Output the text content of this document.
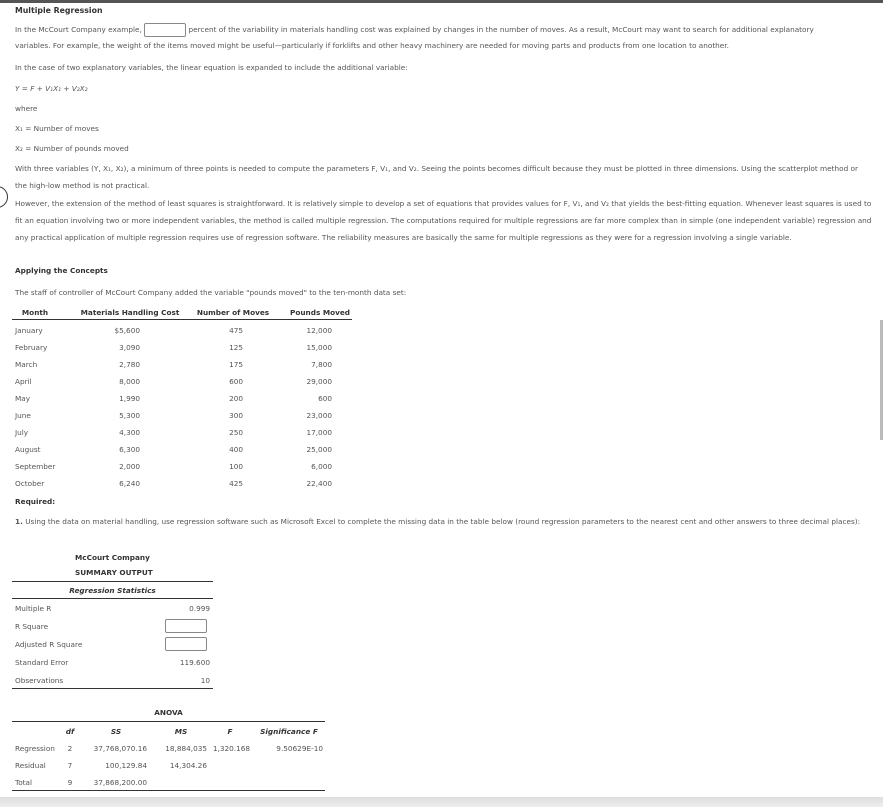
Multiple Regression
In the McCourt Company example,	percent of the variability in materials handling cost was explained by changes in the number of moves. As a result, McCourt may want to search for additional explanatory
variables. For example, the weight of the items moved might be useful—particularly if forklifts and other heavy machinery are needed for moving parts and products from one location to another.
In the case of two explanatory variables, the linear equation is expanded to include the additional variable:
Y = F + V₁X₁ + V₂X₂
where
X₁ = Number of moves
X₂ = Number of pounds moved

With three variables (Y, X₁, X₂), a minimum of three points is needed to compute the parameters F, V₁, and V₂. Seeing the points becomes difficult because they must be plotted in three dimensions. Using the scatterplot method or the high-low method is not practical.

However, the extension of the method of least squares is straightforward. It is relatively simple to develop a set of equations that provides values for F, V₁, and V₂ that yields the best-fitting equation. Whenever least squares is used to fit an equation involving two or more independent variables, the method is called multiple regression. The computations required for multiple regressions are far more complex than in simple (one independent variable) regression and any practical application of multiple regression requires use of regression software. The reliability measures are basically the same for multiple regressions as they were for a regression involving a single variable.

Applying the Concepts
The staff of controller of McCourt Company added the variable "pounds moved" to the ten-month data set:
Month	Materials Handling Cost	Number of Moves	Pounds Moved
January	$5,600	475	12,000
February	3,090	125	15,000
March	2,780	175	7,800
April	8,000	600	29,000
May	1,990	200	600
June	5,300	300	23,000
July	4,300	250	17,000
August	6,300	400	25,000
September	2,000	100	6,000
October	6,240	425	22,400
Required:

1. Using the data on material handling, use regression software such as Microsoft Excel to complete the missing data in the table below (round regression parameters to the nearest cent and other answers to three decimal places):

McCourt Company
SUMMARY OUTPUT
Regression Statistics
Multiple R	0.999
R Square
Adjusted R Square
Standard Error	119.600
Observations	10
ANOVA
df	SS	MS	F	Significance F
Regression	2	37,768,070.16	18,884,035 1,320.168	9.50629E-10
Residual	7	100,129.84	14,304.26
Total	9	37,868,200.00
